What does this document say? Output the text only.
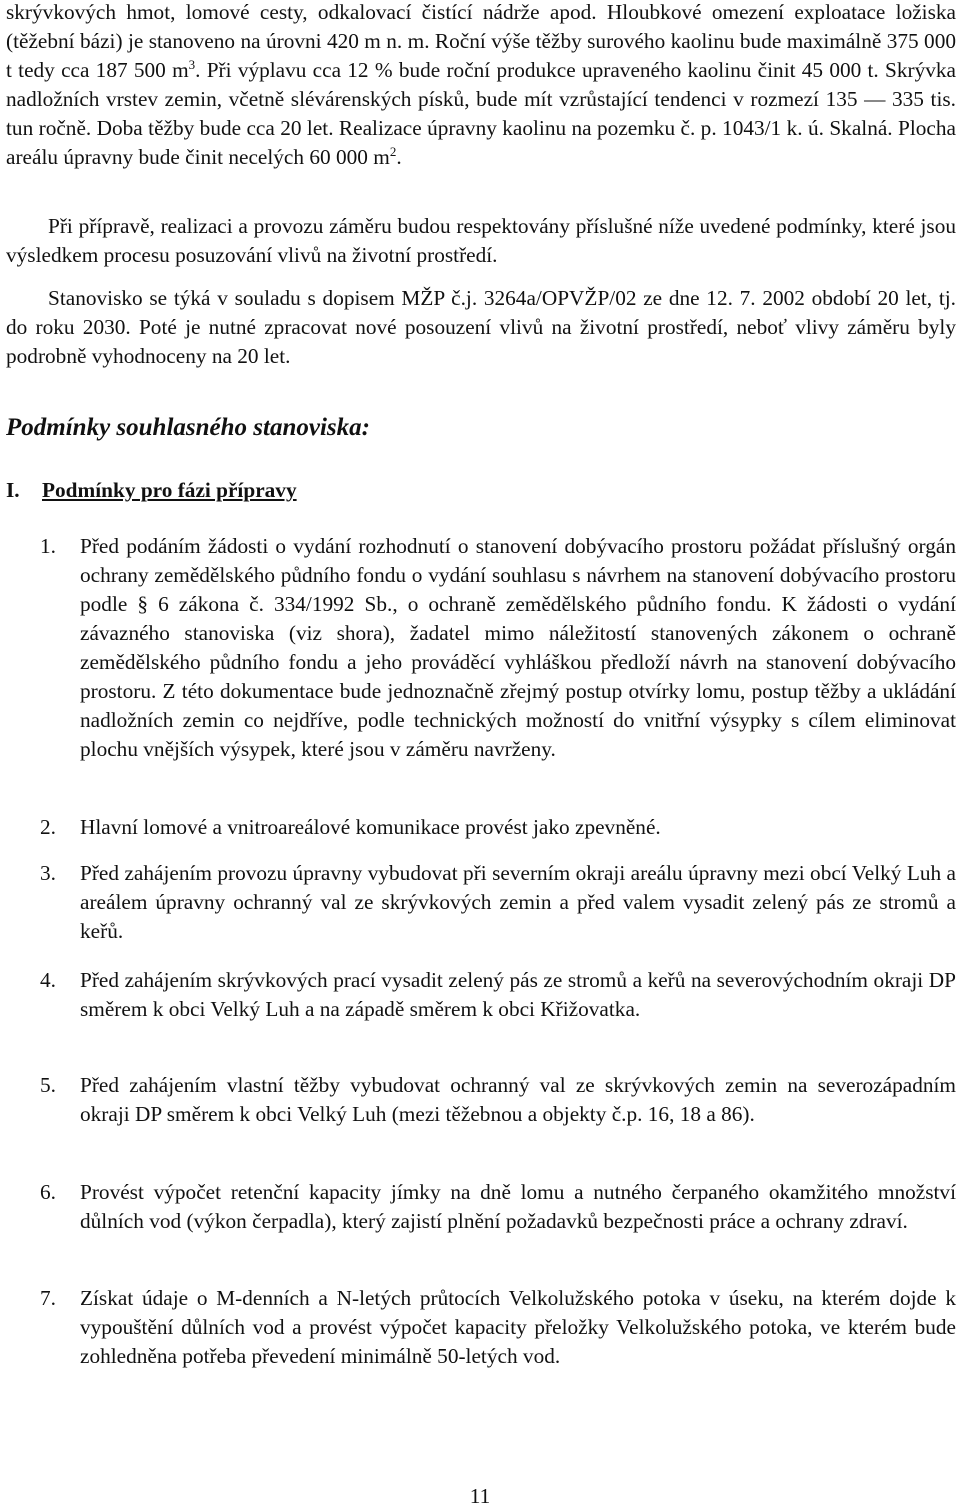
skrývkových hmot, lomové cesty, odkalovací čistící nádrže apod. Hloubkové omezení exploatace ložiska (těžební bázi) je stanoveno na úrovni 420 m n. m. Roční výše těžby surového kaolinu bude maximálně 375 000 t tedy cca 187 500 $m^3$. Při výplavu cca 12 % bude roční produkce upraveného kaolinu činit 45 000 t. Skrývka nadložních vrstev zemin, včetně slévárenských písků, bude mít vzrůstající tendenci v rozmezí 135 — 335 tis. tun ročně. Doba těžby bude cca 20 let. Realizace úpravny kaolinu na pozemku č. p. 1043/1 k. ú. Skalná. Plocha areálu úpravny bude činit necelých 60 000 $m^2$.

Při přípravě, realizaci a provozu záměru budou respektovány příslušné níže uvedené podmínky, které jsou výsledkem procesu posuzování vlivů na životní prostředí.

Stanovisko se týká v souladu s dopisem MŽP č.j. 3264a/OPVŽP/02 ze dne 12. 7. 2002 období 20 let, tj. do roku 2030. Poté je nutné zpracovat nové posouzení vlivů na životní prostředí, neboť vlivy záměru byly podrobně vyhodnoceny na 20 let.

Podmínky souhlasného stanoviska:
I. Podmínky pro fázi přípravy
1. Před podáním žádosti o vydání rozhodnutí o stanovení dobývacího prostoru požádat příslušný orgán ochrany zemědělského půdního fondu o vydání souhlasu s návrhem na stanovení dobývacího prostoru podle § 6 zákona č. 334/1992 Sb., o ochraně zemědělského půdního fondu. K žádosti o vydání závazného stanoviska (viz shora), žadatel mimo náležitostí stanovených zákonem o ochraně zemědělského půdního fondu a jeho prováděcí vyhláškou předloží návrh na stanovení dobývacího prostoru. Z této dokumentace bude jednoznačně zřejmý postup otvírky lomu, postup těžby a ukládání nadložních zemin co nejdříve, podle technických možností do vnitřní výsypky s cílem eliminovat plochu vnějších výsypek, které jsou v záměru navrženy.
2. Hlavní lomové a vnitroareálové komunikace provést jako zpevněné.
3. Před zahájením provozu úpravny vybudovat při severním okraji areálu úpravny mezi obcí Velký Luh a areálem úpravny ochranný val ze skrývkových zemin a před valem vysadit zelený pás ze stromů a keřů.
4. Před zahájením skrývkových prací vysadit zelený pás ze stromů a keřů na severovýchodním okraji DP směrem k obci Velký Luh a na západě směrem k obci Křižovatka.
5. Před zahájením vlastní těžby vybudovat ochranný val ze skrývkových zemin na severozápadním okraji DP směrem k obci Velký Luh (mezi těžebnou a objekty č.p. 16, 18 a 86).
6. Provést výpočet retenční kapacity jímky na dně lomu a nutného čerpaného okamžitého množství důlních vod (výkon čerpadla), který zajistí plnění požadavků bezpečnosti práce a ochrany zdraví.
7. Získat údaje o M-denních a N-letých průtocích Velkolužského potoka v úseku, na kterém dojde k vypouštění důlních vod a provést výpočet kapacity přeložky Velkolužského potoka, ve kterém bude zohledněna potřeba převedení minimálně 50-letých vod.
11
